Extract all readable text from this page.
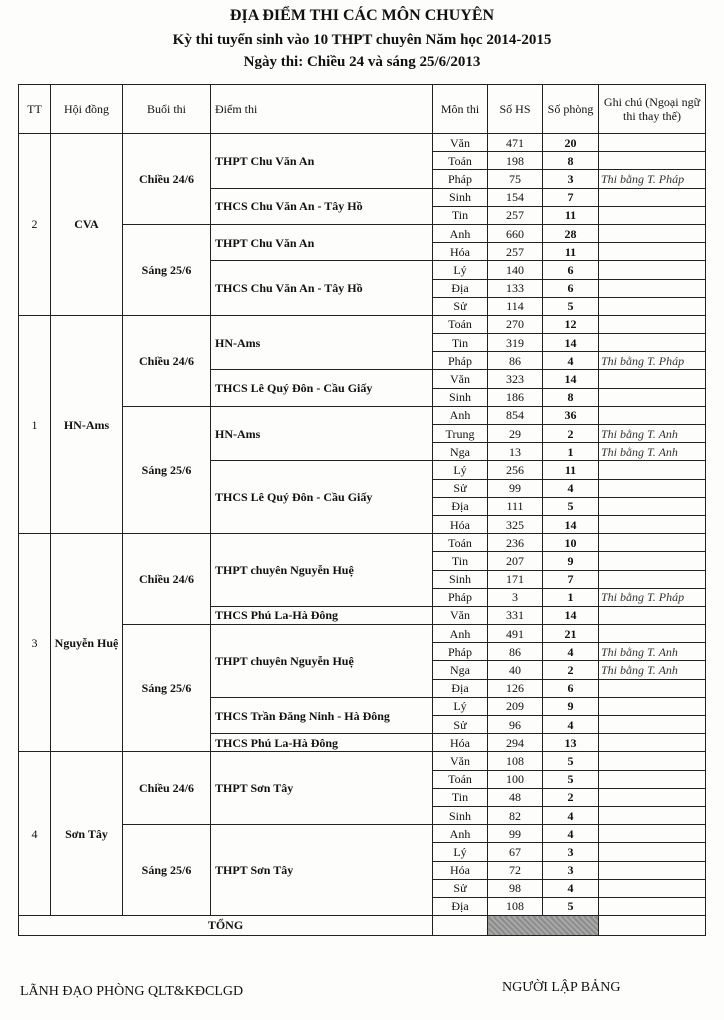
ĐỊA ĐIỂM THI CÁC MÔN CHUYÊN
Kỳ thi tuyển sinh vào 10 THPT chuyên Năm học 2014-2015
Ngày thi: Chiều 24 và sáng 25/6/2013
TT	Hội đồng	Buổi thi	Điểm thi	Môn thi	Số HS	Số phòng	Ghi chú (Ngoại ngữ thi thay thế)
2	CVA	Chiều 24/6	THPT Chu Văn An	Văn	471	20	
				Toán	198	8	
				Pháp	75	3	Thi bằng T. Pháp
			THCS Chu Văn An - Tây Hồ	Sinh	154	7	
				Tin	257	11	
		Sáng 25/6	THPT Chu Văn An	Anh	660	28	
				Hóa	257	11	
			THCS Chu Văn An - Tây Hồ	Lý	140	6	
				Địa	133	6	
				Sử	114	5	
1	HN-Ams	Chiều 24/6	HN-Ams	Toán	270	12	
				Tin	319	14	
				Pháp	86	4	Thi bằng T. Pháp
			THCS Lê Quý Đôn - Cầu Giấy	Văn	323	14	
				Sinh	186	8	
		Sáng 25/6	HN-Ams	Anh	854	36	
				Trung	29	2	Thi bằng T. Anh
				Nga	13	1	Thi bằng T. Anh
			THCS Lê Quý Đôn - Cầu Giấy	Lý	256	11	
				Sử	99	4	
				Địa	111	5	
				Hóa	325	14	
3	Nguyễn Huệ	Chiều 24/6	THPT chuyên Nguyễn Huệ	Toán	236	10	
				Tin	207	9	
				Sinh	171	7	
				Pháp	3	1	Thi bằng T. Pháp
			THCS Phú La-Hà Đông	Văn	331	14	
		Sáng 25/6	THPT chuyên Nguyễn Huệ	Anh	491	21	
				Pháp	86	4	Thi bằng T. Anh
				Nga	40	2	Thi bằng T. Anh
				Địa	126	6	
			THCS Trần Đăng Ninh - Hà Đông	Lý	209	9	
				Sử	96	4	
			THCS Phú La-Hà Đông	Hóa	294	13	
4	Sơn Tây	Chiều 24/6	THPT Sơn Tây	Văn	108	5	
				Toán	100	5	
				Tin	48	2	
				Sinh	82	4	
		Sáng 25/6	THPT Sơn Tây	Anh	99	4	
				Lý	67	3	
				Hóa	72	3	
				Sử	98	4	
				Địa	108	5	
TỔNG							
LÃNH ĐẠO PHÒNG QLT&KĐCLGD	NGƯỜI LẬP BẢNG
